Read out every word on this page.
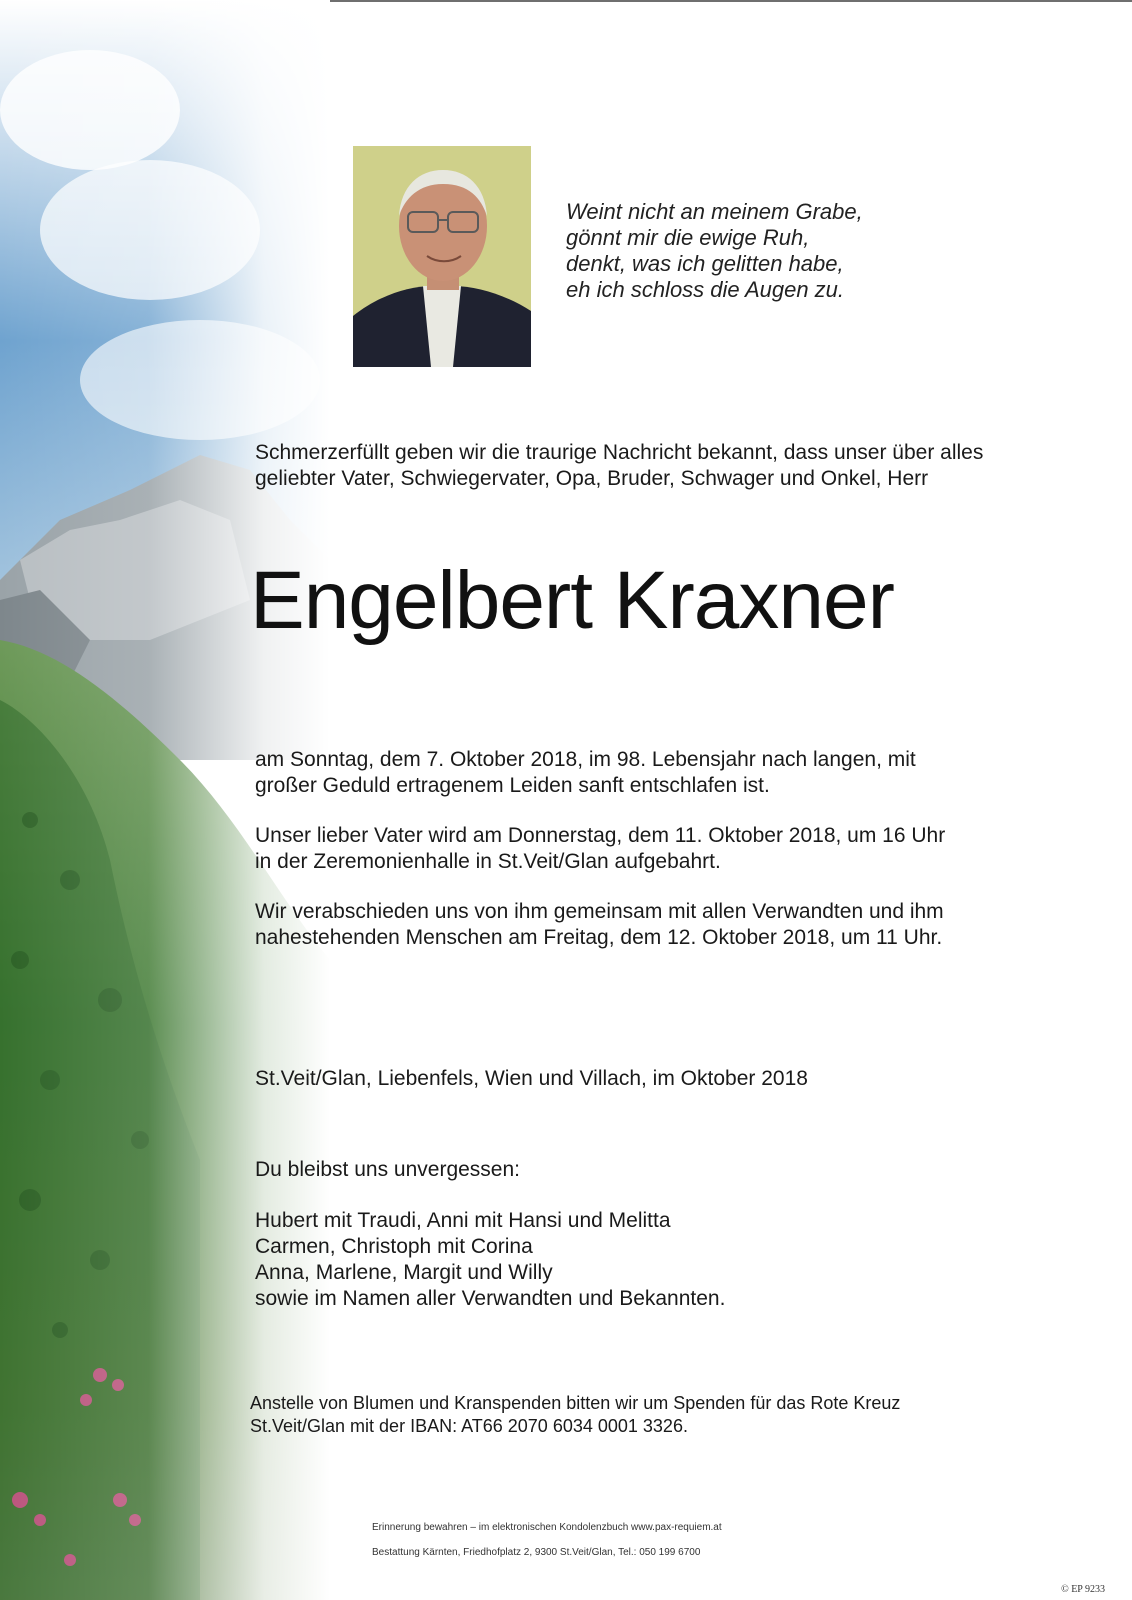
Weint nicht an meinem Grabe,
gönnt mir die ewige Ruh,
denkt, was ich gelitten habe,
eh ich schloss die Augen zu.
Schmerzerfüllt geben wir die traurige Nachricht bekannt, dass unser über alles
geliebter Vater, Schwiegervater, Opa, Bruder, Schwager und Onkel, Herr
Engelbert Kraxner
am Sonntag, dem 7. Oktober 2018, im 98. Lebensjahr nach langen, mit
großer Geduld ertragenem Leiden sanft entschlafen ist.
Unser lieber Vater wird am Donnerstag, dem 11. Oktober 2018, um 16 Uhr
in der Zeremonienhalle in St.Veit/Glan aufgebahrt.
Wir verabschieden uns von ihm gemeinsam mit allen Verwandten und ihm
nahestehenden Menschen am Freitag, dem 12. Oktober 2018, um 11 Uhr.
St.Veit/Glan, Liebenfels, Wien und Villach, im Oktober 2018
Du bleibst uns unvergessen:
Hubert mit Traudi, Anni mit Hansi und Melitta
Carmen, Christoph mit Corina
Anna, Marlene, Margit und Willy
sowie im Namen aller Verwandten und Bekannten.
Anstelle von Blumen und Kranspenden bitten wir um Spenden für das Rote Kreuz
St.Veit/Glan mit der IBAN: AT66 2070 6034 0001 3326.
Erinnerung bewahren – im elektronischen Kondolenzbuch www.pax-requiem.at
Bestattung Kärnten, Friedhofplatz 2, 9300 St.Veit/Glan, Tel.: 050 199 6700
© EP 9233
